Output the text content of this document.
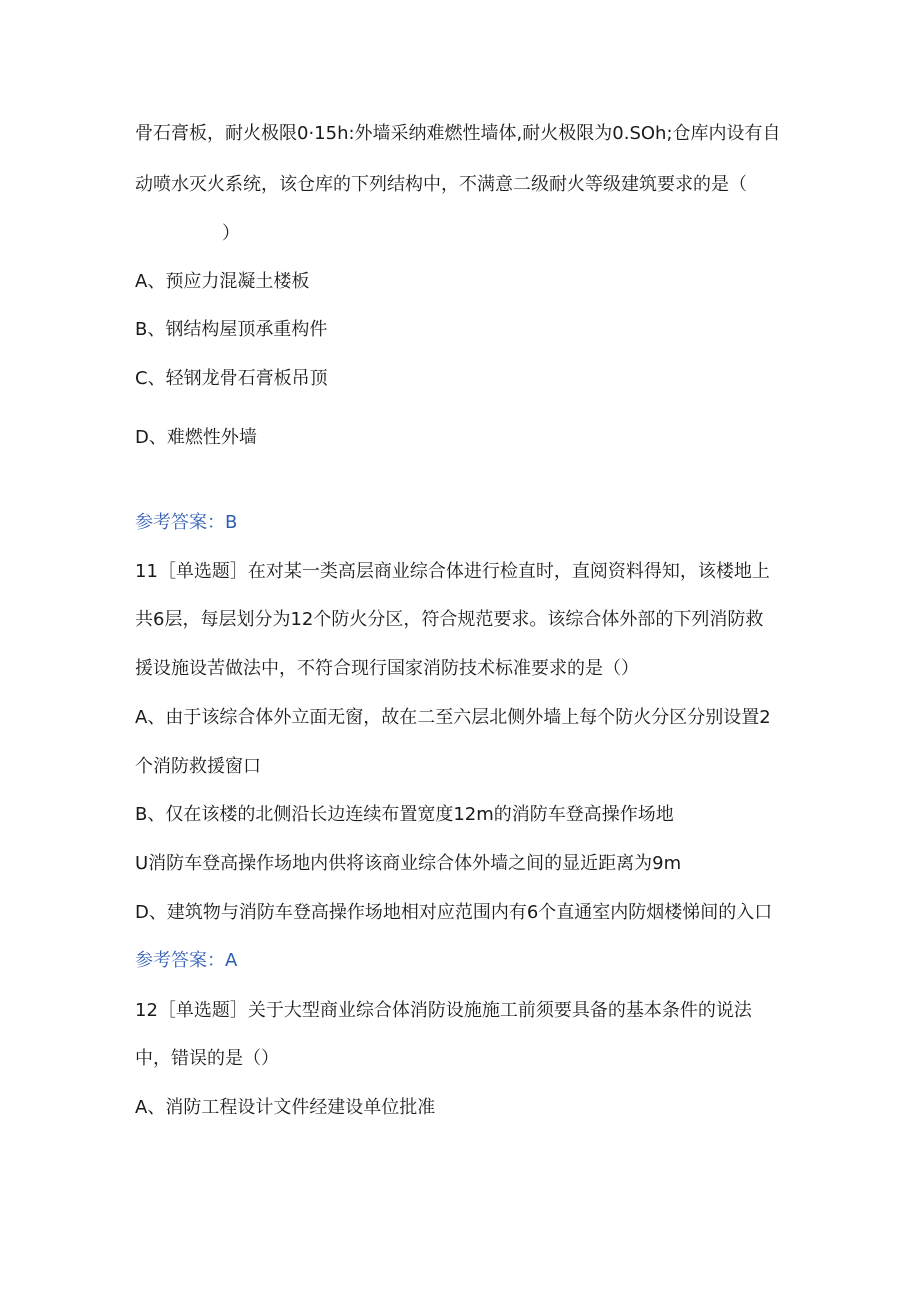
骨石膏板，耐火极限0·15h:外墙采纳难燃性墙体,耐火极限为0.SOh;仓库内设有自
动喷水灭火系统，该仓库的下列结构中，不满意二级耐火等级建筑要求的是（
）
A、预应力混凝土楼板
B、钢结构屋顶承重构件
C、轻钢龙骨石膏板吊顶
D、难燃性外墙
参考答案：B
11［单选题］在对某一类高层商业综合体进行检直时，直阅资料得知，该楼地上
共6层，每层划分为12个防火分区，符合规范要求。该综合体外部的下列消防救
援设施设苦做法中，不符合现行国家消防技术标准要求的是（）
A、由于该综合体外立面无窗，故在二至六层北侧外墙上每个防火分区分别设置2
个消防救援窗口
B、仅在该楼的北侧沿长边连续布置宽度12m的消防车登高操作场地
U消防车登高操作场地内供将该商业综合体外墙之间的显近距离为9m
D、建筑物与消防车登高操作场地相对应范围内有6个直通室内防烟楼悌间的入口
参考答案：A
12［单选题］关于大型商业综合体消防设施施工前须要具备的基本条件的说法
中，错误的是（）
A、消防工程设计文件经建设单位批准
